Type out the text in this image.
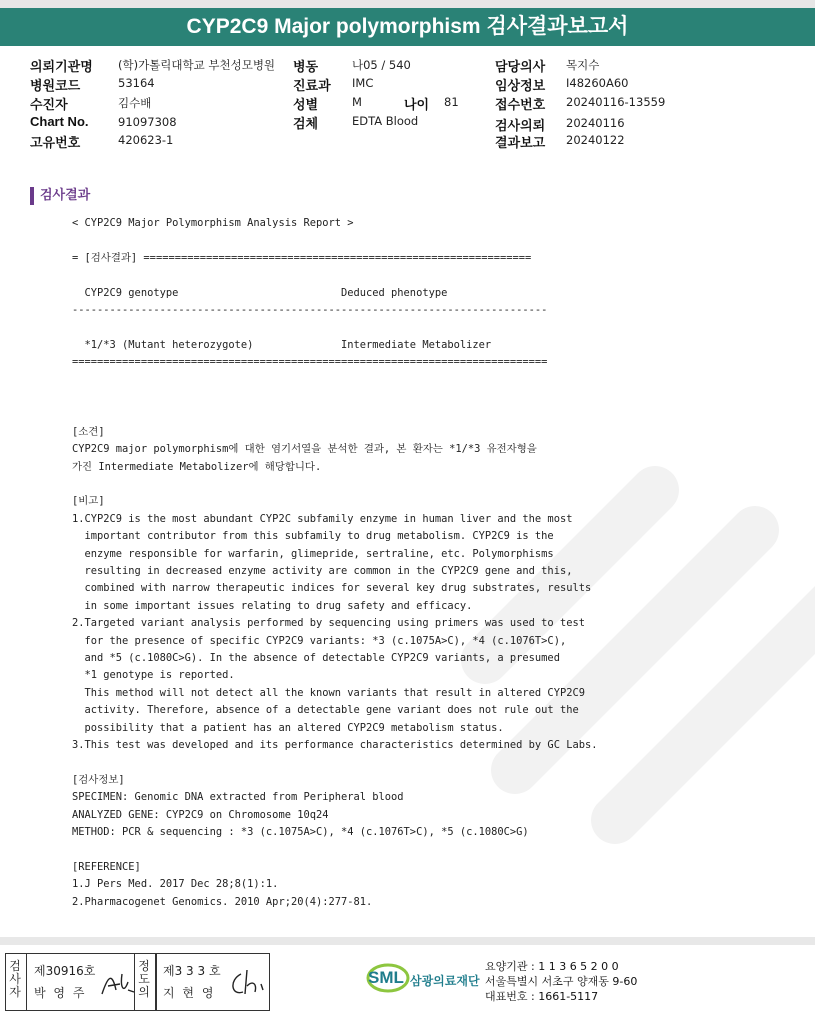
CYP2C9 Major polymorphism 검사결과보고서
의뢰기관명 (학)가톨릭대학교 부천성모병원
병원코드	53164
수진자	김수배
Chart No.	91097308
고유번호	420623-1
병동	나05 / 540
진료과 IMC
성별	M	나이 81
검체	EDTA Blood
담당의사 목지수
임상정보 I48260A60
접수번호 20240116-13559
검사의뢰 20240116
결과보고 20240122
검사결과
< CYP2C9 Major Polymorphism Analysis Report >
= [검사결과] ==============================================================
CYP2C9 genotype                          Deduced phenotype
----------------------------------------------------------------------------
*1/*3 (Mutant heterozygote)              Intermediate Metabolizer
============================================================================
[소견]
CYP2C9 major polymorphism에 대한 염기서열을 분석한 결과, 본 환자는 *1/*3 유전자형을
가진 Intermediate Metabolizer에 해당합니다.
[비고]
1.CYP2C9 is the most abundant CYP2C subfamily enzyme in human liver and the most
important contributor from this subfamily to drug metabolism. CYP2C9 is the
enzyme responsible for warfarin, glimepride, sertraline, etc. Polymorphisms
resulting in decreased enzyme activity are common in the CYP2C9 gene and this,
combined with narrow therapeutic indices for several key drug substrates, results
in some important issues relating to drug safety and efficacy.
2.Targeted variant analysis performed by sequencing using primers was used to test
for the presence of specific CYP2C9 variants: *3 (c.1075A>C), *4 (c.1076T>C),
and *5 (c.1080C>G). In the absence of detectable CYP2C9 variants, a presumed
*1 genotype is reported.
This method will not detect all the known variants that result in altered CYP2C9
activity. Therefore, absence of a detectable gene variant does not rule out the
possibility that a patient has an altered CYP2C9 metabolism status.
3.This test was developed and its performance characteristics determined by GC Labs.
[검사정보]
SPECIMEN: Genomic DNA extracted from Peripheral blood
ANALYZED GENE: CYP2C9 on Chromosome 10q24
METHOD: PCR & sequencing : *3 (c.1075A>C), *4 (c.1076T>C), *5 (c.1080C>G)
[REFERENCE]
1.J Pers Med. 2017 Dec 28;8(1):1.
2.Pharmacogenet Genomics. 2010 Apr;20(4):277-81.
검
사
자
제30916호
박 영 주
정
도
의
제3 3 3 호
지 현 영
SML 삼광의료재단
요양기관 : 1 1 3 6 5 2 0 0
서울특별시 서초구 양재동 9-60
대표번호 : 1661-5117
